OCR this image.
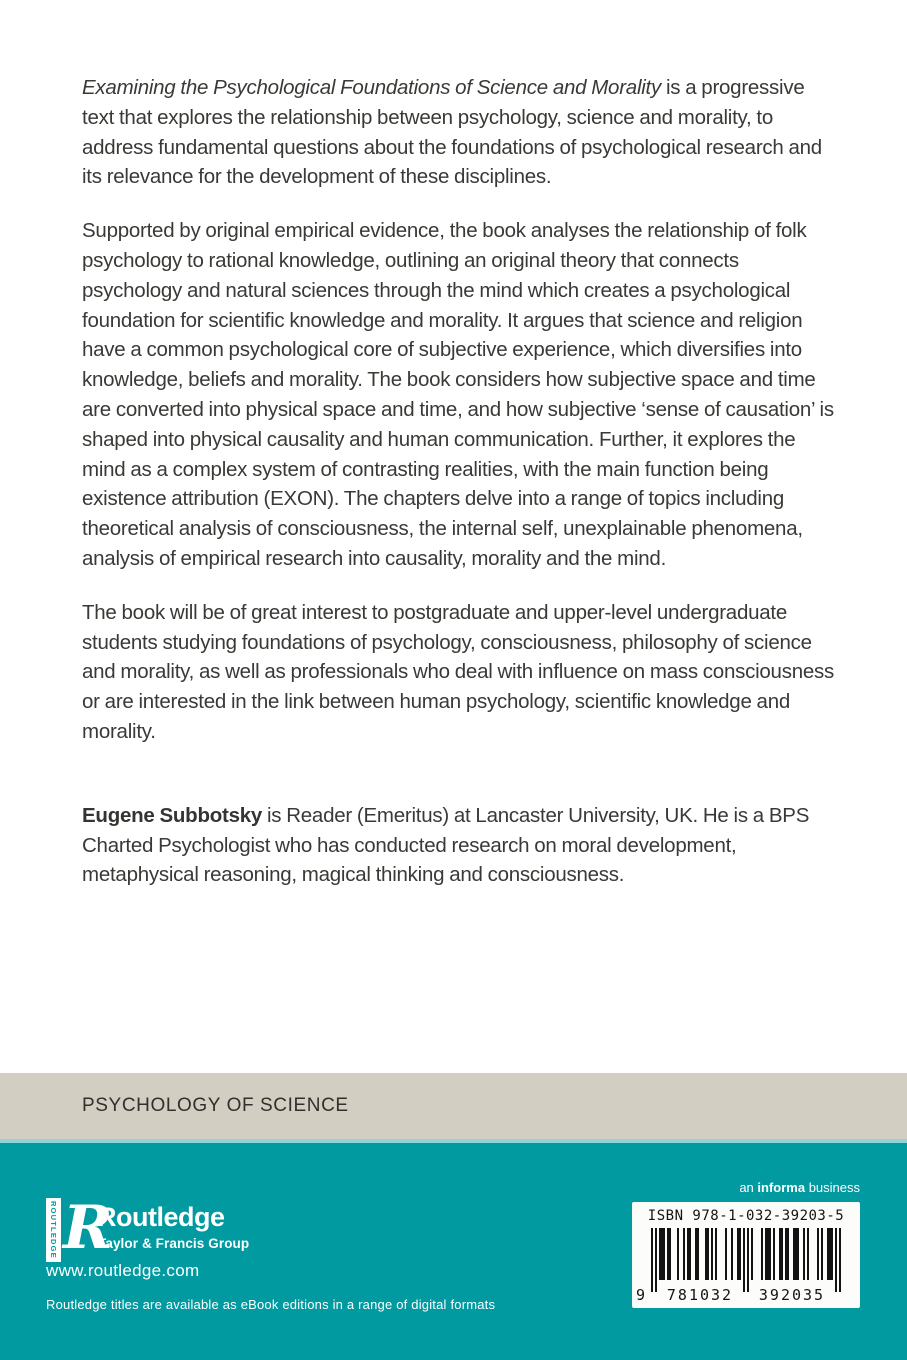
Examining the Psychological Foundations of Science and Morality is a progressive text that explores the relationship between psychology, science and morality, to address fundamental questions about the foundations of psychological research and its relevance for the development of these disciplines.

Supported by original empirical evidence, the book analyses the relationship of folk psychology to rational knowledge, outlining an original theory that connects psychology and natural sciences through the mind which creates a psychological foundation for scientific knowledge and morality. It argues that science and religion have a common psychological core of subjective experience, which diversifies into knowledge, beliefs and morality. The book considers how subjective space and time are converted into physical space and time, and how subjective ‘sense of causation’ is shaped into physical causality and human communication. Further, it explores the mind as a complex system of contrasting realities, with the main function being existence attribution (EXON). The chapters delve into a range of topics including theoretical analysis of consciousness, the internal self, unexplainable phenomena, analysis of empirical research into causality, morality and the mind.

The book will be of great interest to postgraduate and upper-level undergraduate students studying foundations of psychology, consciousness, philosophy of science and morality, as well as professionals who deal with influence on mass consciousness or are interested in the link between human psychology, scientific knowledge and morality.

Eugene Subbotsky is Reader (Emeritus) at Lancaster University, UK. He is a BPS Charted Psychologist who has conducted research on moral development, metaphysical reasoning, magical thinking and consciousness.

PSYCHOLOGY OF SCIENCE
ROUTLEDGE R
Routledge
Taylor & Francis Group
www.routledge.com
Routledge titles are available as eBook editions in a range of digital formats
an informa business
ISBN 978-1-032-39203-5
9	781032	392035
